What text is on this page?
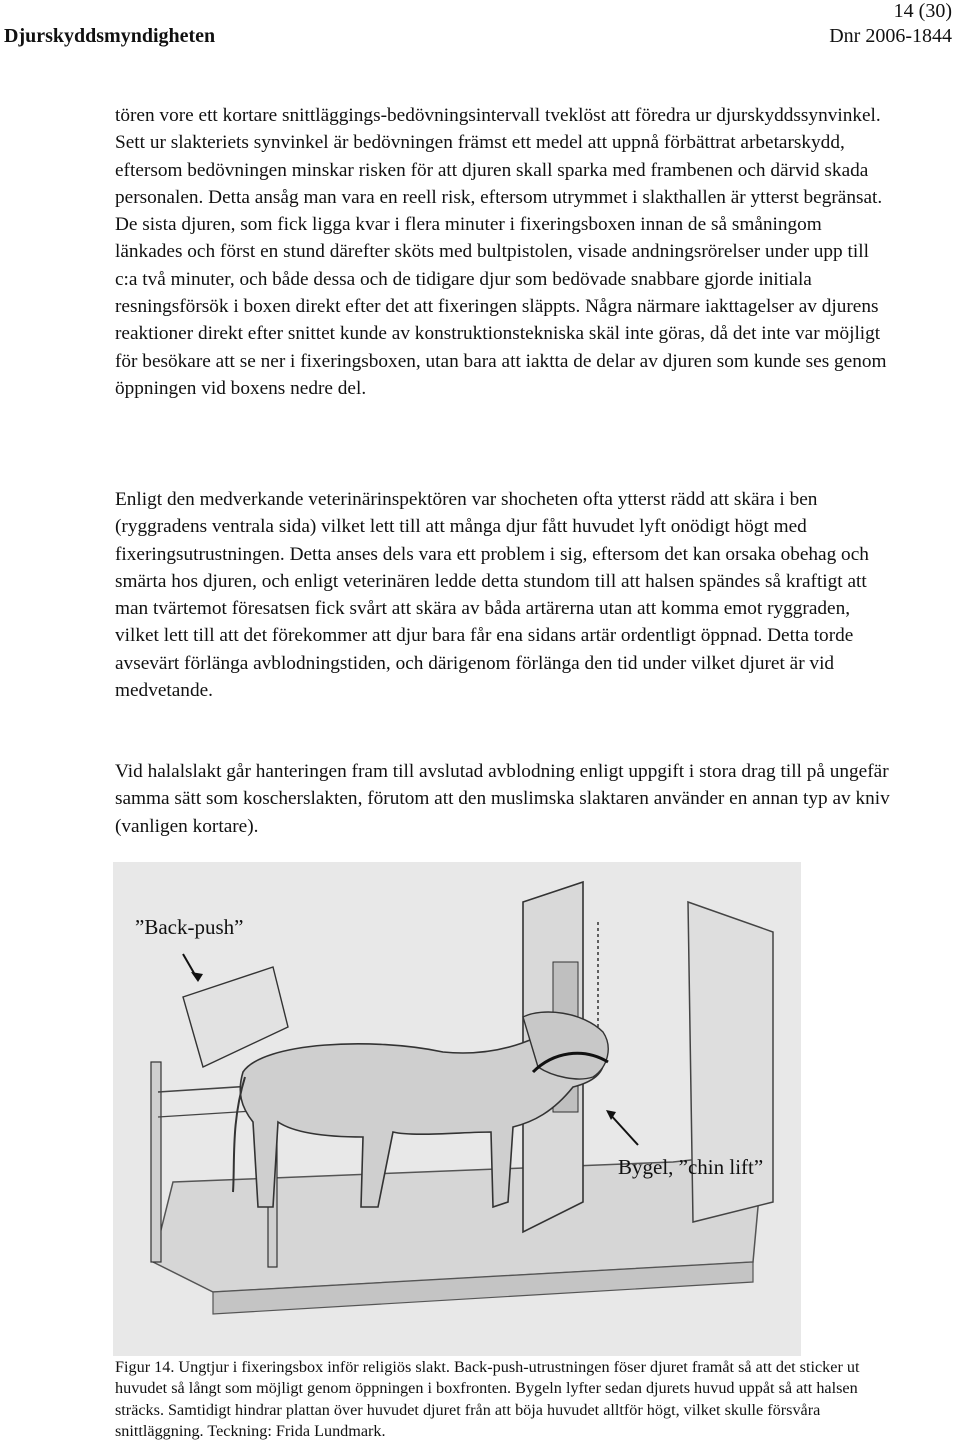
14 (30)
Djurskyddsmyndigheten	Dnr 2006-1844

tören vore ett kortare snittläggings-bedövningsintervall tveklöst att föredra ur djurskyddssynvinkel. Sett ur slakteriets synvinkel är bedövningen främst ett medel att uppnå förbättrat arbetarskydd, eftersom bedövningen minskar risken för att djuren skall sparka med frambenen och därvid skada personalen. Detta ansåg man vara en reell risk, eftersom utrymmet i slakthallen är ytterst begränsat. De sista djuren, som fick ligga kvar i flera minuter i fixeringsboxen innan de så småningom länkades och först en stund därefter sköts med bultpistolen, visade andningsrörelser under upp till c:a två minuter, och både dessa och de tidigare djur som bedövade snabbare gjorde initiala resningsförsök i boxen direkt efter det att fixeringen släppts. Några närmare iakttagelser av djurens reaktioner direkt efter snittet kunde av konstruktionstekniska skäl inte göras, då det inte var möjligt för besökare att se ner i fixeringsboxen, utan bara att iaktta de delar av djuren som kunde ses genom öppningen vid boxens nedre del.

Enligt den medverkande veterinärinspektören var shocheten ofta ytterst rädd att skära i ben (ryggradens ventrala sida) vilket lett till att många djur fått huvudet lyft onödigt högt med fixeringsutrustningen. Detta anses dels vara ett problem i sig, eftersom det kan orsaka obehag och smärta hos djuren, och enligt veterinären ledde detta stundom till att halsen spändes så kraftigt att man tvärtemot föresatsen fick svårt att skära av båda artärerna utan att komma emot ryggraden, vilket lett till att det förekommer att djur bara får ena sidans artär ordentligt öppnad. Detta torde avsevärt förlänga avblodningstiden, och därigenom förlänga den tid under vilket djuret är vid medvetande.

Vid halalslakt går hanteringen fram till avslutad avblodning enligt uppgift i stora drag till på ungefär samma sätt som koscherslakten, förutom att den muslimska slaktaren använder en annan typ av kniv (vanligen kortare).

”Back-push”
Bygel, ”chin lift”

Figur 14. Ungtjur i fixeringsbox inför religiös slakt. Back-push-utrustningen föser djuret framåt så att det sticker ut huvudet så långt som möjligt genom öppningen i boxfronten. Bygeln lyfter sedan djurets huvud uppåt så att halsen sträcks. Samtidigt hindrar plattan över huvudet djuret från att böja huvudet alltför högt, vilket skulle försvåra snittläggning. Teckning: Frida Lundmark.
